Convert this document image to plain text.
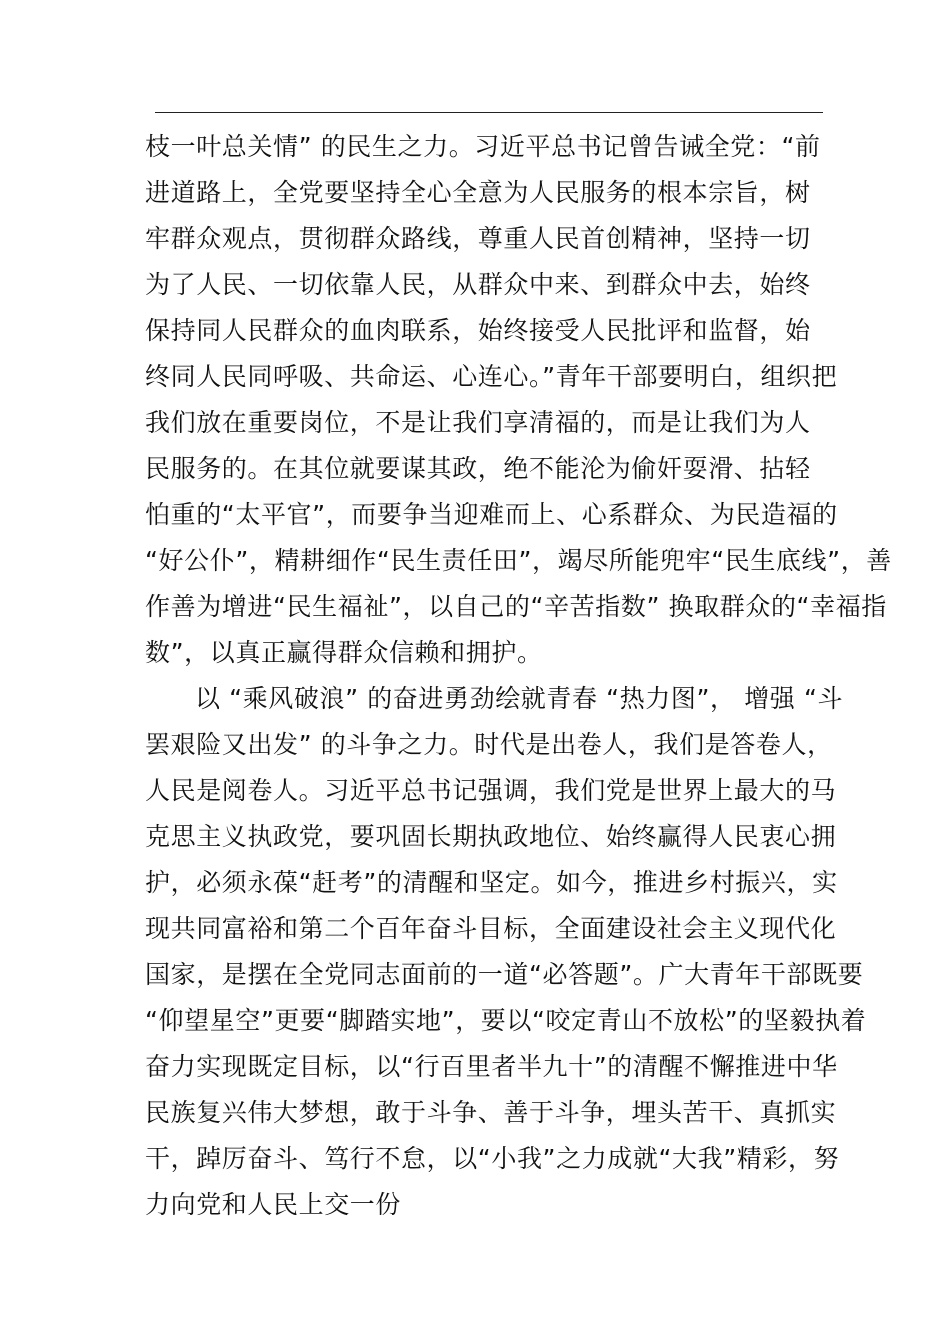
枝一叶总关情” 的民生之力。习近平总书记曾告诫全党：“前
进道路上，全党要坚持全心全意为人民服务的根本宗旨，树
牢群众观点，贯彻群众路线，尊重人民首创精神，坚持一切
为了人民、一切依靠人民，从群众中来、到群众中去，始终
保持同人民群众的血肉联系，始终接受人民批评和监督，始
终同人民同呼吸、共命运、心连心。”青年干部要明白，组织把
我们放在重要岗位，不是让我们享清福的，而是让我们为人
民服务的。在其位就要谋其政，绝不能沦为偷奸耍滑、拈轻
怕重的“太平官”，而要争当迎难而上、心系群众、为民造福的
“好公仆”，精耕细作“民生责任田”，竭尽所能兜牢“民生底线”，善
作善为增进“民生福祉”，以自己的“辛苦指数” 换取群众的“幸福指
数”，以真正赢得群众信赖和拥护。
以 “乘风破浪” 的奋进勇劲绘就青春 “热力图”， 增强 “斗
罢艰险又出发” 的斗争之力。时代是出卷人，我们是答卷人，
人民是阅卷人。习近平总书记强调，我们党是世界上最大的马
克思主义执政党，要巩固长期执政地位、始终赢得人民衷心拥
护，必须永葆“赶考”的清醒和坚定。如今，推进乡村振兴，实
现共同富裕和第二个百年奋斗目标，全面建设社会主义现代化
国家，是摆在全党同志面前的一道“必答题”。广大青年干部既要
“仰望星空”更要“脚踏实地”，要以“咬定青山不放松”的坚毅执着
奋力实现既定目标，以“行百里者半九十”的清醒不懈推进中华
民族复兴伟大梦想，敢于斗争、善于斗争，埋头苦干、真抓实
干，踔厉奋斗、笃行不怠，以“小我”之力成就“大我”精彩，努
力向党和人民上交一份
